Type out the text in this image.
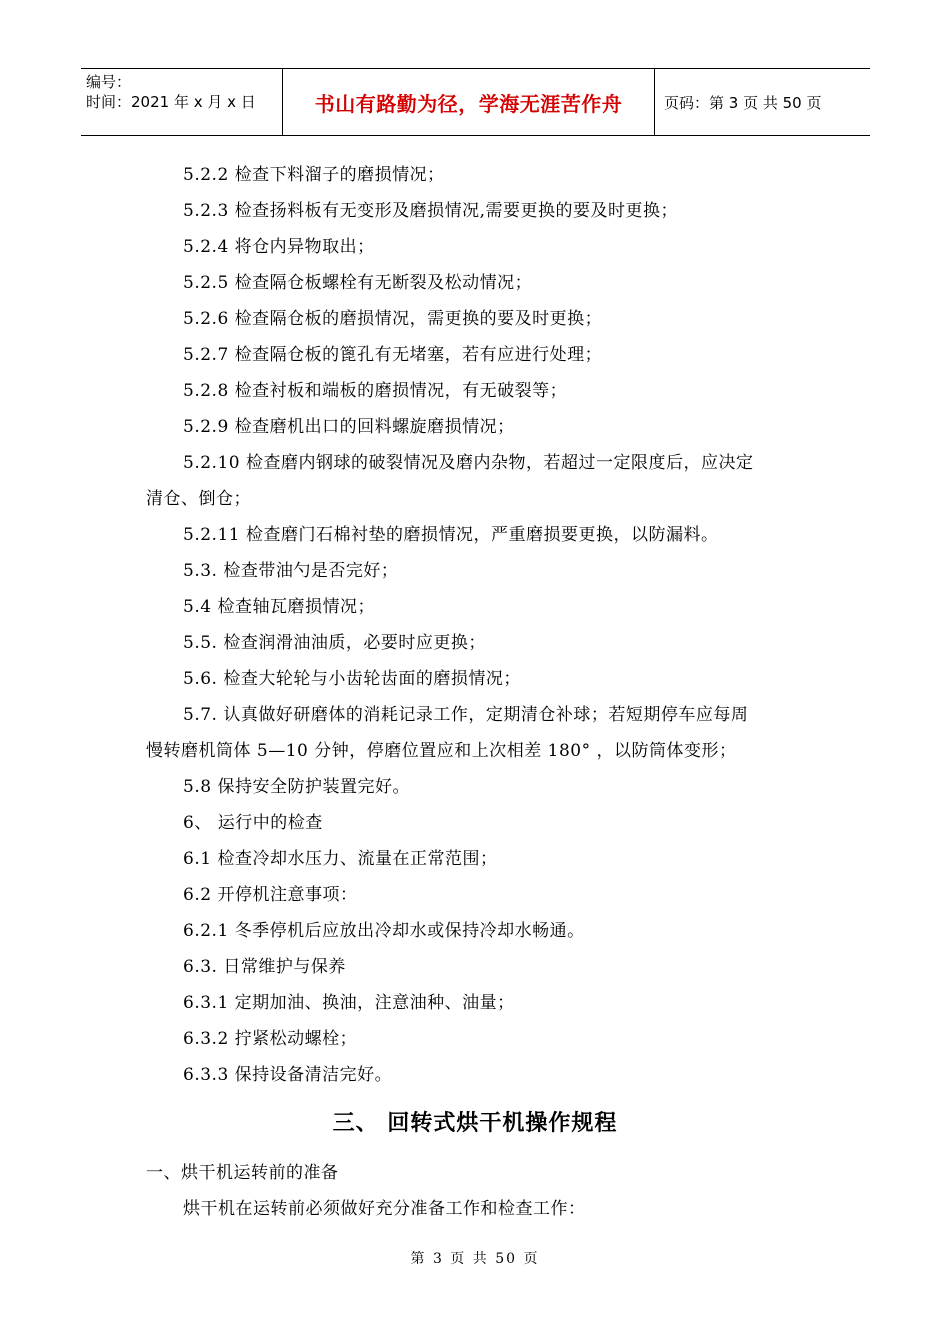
编号：
时间：2021 年 x 月 x 日	书山有路勤为径，学海无涯苦作舟	页码：第 3 页 共 50 页
5.2.2 检查下料溜子的磨损情况；
5.2.3 检查扬料板有无变形及磨损情况,需要更换的要及时更换；
5.2.4 将仓内异物取出；
5.2.5 检查隔仓板螺栓有无断裂及松动情况；
5.2.6 检查隔仓板的磨损情况，需更换的要及时更换；
5.2.7 检查隔仓板的篦孔有无堵塞，若有应进行处理；
5.2.8 检查衬板和端板的磨损情况，有无破裂等；
5.2.9 检查磨机出口的回料螺旋磨损情况；
5.2.10 检查磨内钢球的破裂情况及磨内杂物，若超过一定限度后，应决定
清仓、倒仓；
5.2.11 检查磨门石棉衬垫的磨损情况，严重磨损要更换，以防漏料。
5.3. 检查带油勺是否完好；
5.4 检查轴瓦磨损情况；
5.5. 检查润滑油油质，必要时应更换；
5.6. 检查大轮轮与小齿轮齿面的磨损情况；
5.7. 认真做好研磨体的消耗记录工作，定期清仓补球；若短期停车应每周
慢转磨机筒体 5—10 分钟，停磨位置应和上次相差 180° ，以防筒体变形；
5.8 保持安全防护装置完好。
6、 运行中的检查
6.1 检查冷却水压力、流量在正常范围；
6.2 开停机注意事项：
6.2.1 冬季停机后应放出冷却水或保持冷却水畅通。
6.3. 日常维护与保养
6.3.1 定期加油、换油，注意油种、油量；
6.3.2 拧紧松动螺栓；
6.3.3 保持设备清洁完好。
三、 回转式烘干机操作规程
一、烘干机运转前的准备
烘干机在运转前必须做好充分准备工作和检查工作：
第 3 页 共 50 页
